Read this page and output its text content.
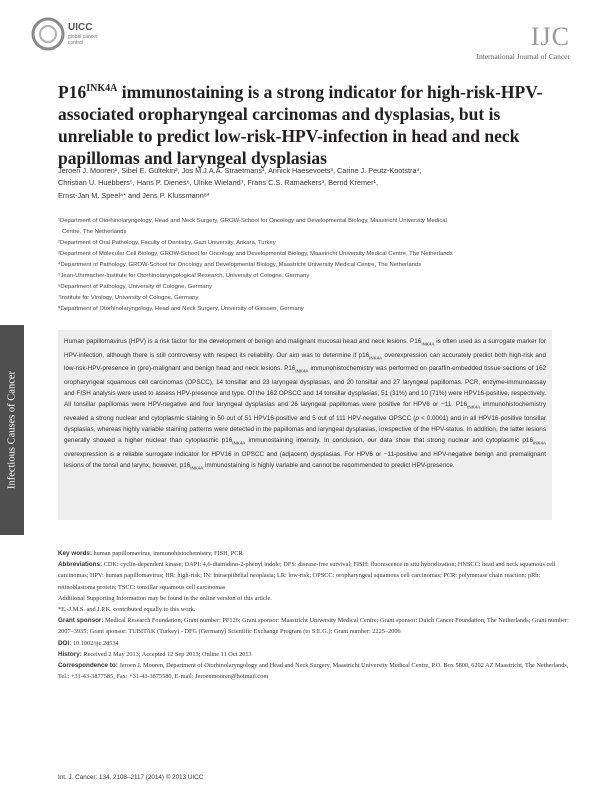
UICC
global cancer control	IJC
International Journal of Cancer
$P16^{INK4A}$ immunostaining is a strong indicator for high-risk-HPV-associated oropharyngeal carcinomas and dysplasias, but is unreliable to predict low-risk-HPV-infection in head and neck papillomas and laryngeal dysplasias
Jeroen J. Mooren¹, Sibel E. Gültekin², Jos M.J.A.A. Straetmans¹, Annick Haesevoets³, Carine J. Peutz-Kootstra⁴,
Christian U. Huebbers⁵, Hans P. Dienes⁶, Ulrike Wieland⁷, Frans C.S. Ramaekers³, Bernd Kremer¹,
Ernst-Jan M. Speel⁴* and Jens P. Klussmann⁸*
¹Department of Otorhinolaryngology, Head and Neck Surgery, GROW-School for Oncology and Developmental Biology, Maastricht University Medical
Centre, The Netherlands
²Department of Oral Pathology, Faculty of Dentistry, Gazi University, Ankara, Turkey
³Department of Molecular Cell Biology, GROW-School for Oncology and Developmental Biology, Maastricht University Medical Centre, The Netherlands
⁴Department of Pathology, GROW-School for Oncology and Developmental Biology, Maastricht University Medical Centre, The Netherlands
⁵Jean-Uhrmacher-Institute for Otorhinolaryngological Research, University of Cologne, Germany
⁶Department of Pathology, University of Cologne, Germany
⁷Institute for Virology, University of Cologne, Germany
⁸Department of Otorhinolaryngology, Head and Neck Surgery, University of Giessen, Germany
Infectious Causes of Cancer

Human papillomavirus (HPV) is a risk factor for the development of benign and malignant mucosal head and neck lesions. $P16_{INK4A}$ is often used as a surrogate marker for HPV-infection, although there is still controversy with respect its reliability. Our aim was to determine if $p16_{INK4A}$ overexpression can accurately predict both high-risk and low-risk-HPV-presence in (pre)-malignant and benign head and neck lesions. $P16_{INK4A}$ immunohistochemistry was performed on paraffin-embedded tissue sections of 162 oropharyngeal squamous cell carcinomas (OPSCC), 14 tonsillar and 23 laryngeal dysplasias, and 20 tonsillar and 27 laryngeal papillomas. PCR, enzyme-immunoassay and FISH analysis were used to assess HPV-presence and type. Of the 162 OPSCC and 14 tonsillar dysplasias, 51 (31%) and 10 (71%) were HPV16-positive, respectively. All tonsillar papillomas were HPV-negative and four laryngeal dysplasias and 26 laryngeal papillomas were positive for HPV6 or −11. $P16_{INK4A}$ immunohistochemistry revealed a strong nuclear and cytoplasmic staining in 50 out of 51 HPV16-positive and 5 out of 111 HPV-negative OPSCC (p < 0.0001) and in all HPV16-positive tonsillar dysplasias, whereas highly variable staining patterns were detected in the papillomas and laryngeal dysplasias, irrespective of the HPV-status. In addition, the latter lesions generally showed a higher nuclear than cytoplasmic $p16_{INK4A}$ immunostaining intensity. In conclusion, our data show that strong nuclear and cytoplasmic $p16_{INK4A}$ overexpression is a reliable surrogate indicator for HPV16 in OPSCC and (adjacent) dysplasias. For HPV6 or −11-positive and HPV-negative benign and premalignant lesions of the tonsil and larynx, however, $p16_{INK4A}$ immunostaining is highly variable and cannot be recommended to predict HPV-presence.

Key words: human papillomavirus, immunohistochemistry, FISH, PCR
Abbreviations: CDK: cyclin-dependent kinase; DAPI: 4,6-diamidino-2-phenyl indole; DFS: disease-free survival; FISH: fluorescence in situ hybridization; HNSCC: head and neck squamous cell carcinomas; HPV: human papillomavirus; HR: high-risk; IN: intraepithelial neoplasia; LR: low-risk; OPSCC: oropharyngeal squamous cell carcinomas; PCR: polymerase chain reaction; pRb: retinoblastoma protein; TSCC: tonsillar squamous cell carcinomas
Additional Supporting Information may be found in the online version of this article.
*E.-J.M.S. and J.P.K. contributed equally to this work.
Grant sponsor: Medical Research Foundation; Grant number: PF126; Grant sponsor: Maastricht University Medical Centre; Grant sponsor: Dutch Cancer Foundation, The Netherlands; Grant number: 2007–3935; Grant sponsor: TUBITAK (Turkey) - DFG (Germany) Scientific Exchange Program (to S.E.G.); Grant number: 2225–2006
DOI: 10.1002/ijc.28534
History: Received 2 May 2013; Accepted 12 Sep 2013; Online 11 Oct 2013
Correspondence to: Jeroen J. Mooren, Department of Otorhinolaryngology and Head and Neck Surgery, Maastricht University Medical Centre, P.O. Box 5800, 6202 AZ Maastricht, The Netherlands, Tel.: +31-43-3877585, Fax: +31-43-3875580, E-mail: Jeroenmooren@hotmail.com
Int. J. Cancer: 134, 2108–2117 (2014) © 2013 UICC
